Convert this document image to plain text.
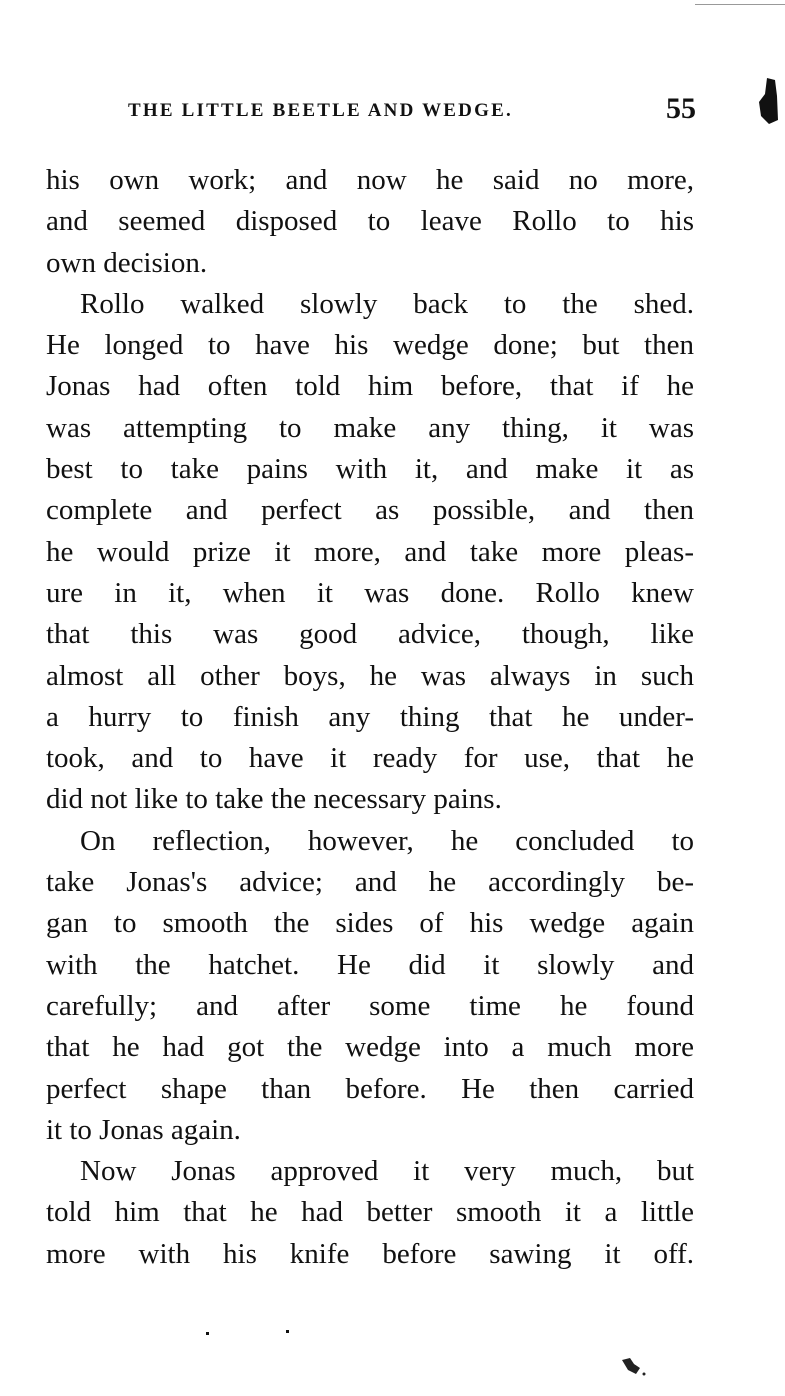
THE LITTLE BEETLE AND WEDGE.	55
his own work; and now he said no more,
and seemed disposed to leave Rollo to his
own decision.
Rollo walked slowly back to the shed.
He longed to have his wedge done; but then
Jonas had often told him before, that if he
was attempting to make any thing, it was
best to take pains with it, and make it as
complete and perfect as possible, and then
he would prize it more, and take more pleas-
ure in it, when it was done. Rollo knew
that this was good advice, though, like
almost all other boys, he was always in such
a hurry to finish any thing that he under-
took, and to have it ready for use, that he
did not like to take the necessary pains.
On reflection, however, he concluded to
take Jonas's advice; and he accordingly be-
gan to smooth the sides of his wedge again
with the hatchet. He did it slowly and
carefully; and after some time he found
that he had got the wedge into a much more
perfect shape than before. He then carried
it to Jonas again.
Now Jonas approved it very much, but
told him that he had better smooth it a little
more with his knife before sawing it off.
